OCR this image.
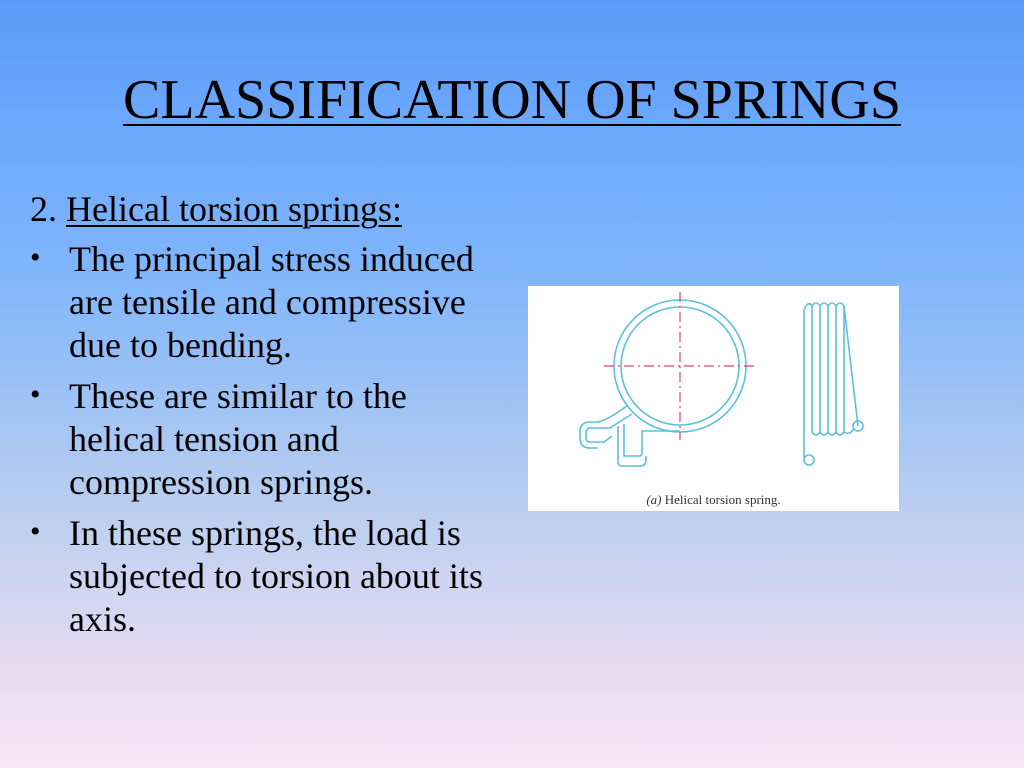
CLASSIFICATION OF SPRINGS
2. Helical torsion springs:
• The principal stress induced are tensile and compressive due to bending.
• These are similar to the helical tension and compression springs.
• In these springs, the load is subjected to torsion about its axis.
(a) Helical torsion spring.
